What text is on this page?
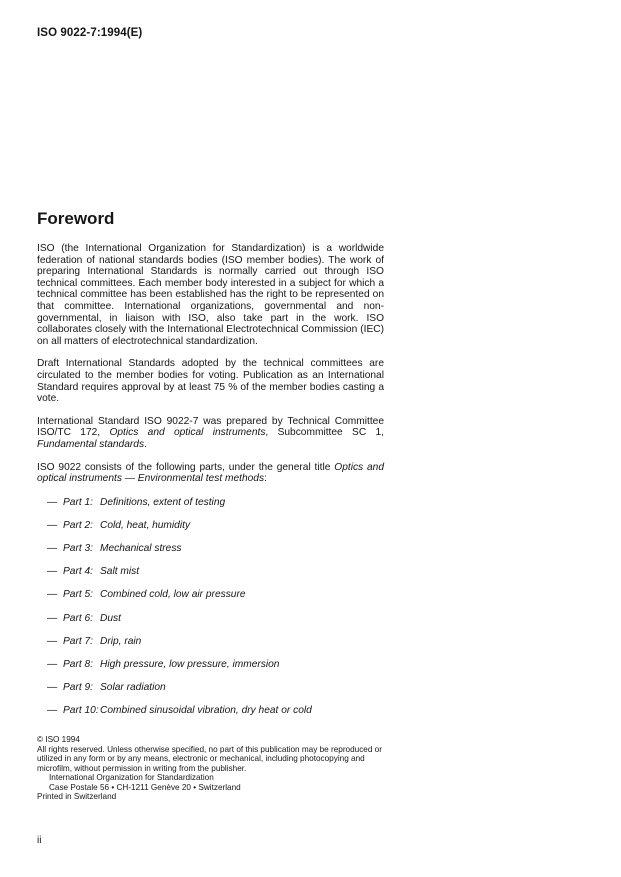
ISO 9022-7:1994(E)
Foreword

ISO (the International Organization for Standardization) is a worldwide federation of national standards bodies (ISO member bodies). The work of preparing International Standards is normally carried out through ISO technical committees. Each member body interested in a subject for which a technical committee has been established has the right to be represented on that committee. International organizations, governmental and non-governmental, in liaison with ISO, also take part in the work. ISO collaborates closely with the International Electrotechnical Commission (IEC) on all matters of electrotechnical standardization.

Draft International Standards adopted by the technical committees are circulated to the member bodies for voting. Publication as an International Standard requires approval by at least 75 % of the member bodies casting a vote.

International Standard ISO 9022-7 was prepared by Technical Committee ISO/TC 172, Optics and optical instruments, Subcommittee SC 1, Fundamental standards.

ISO 9022 consists of the following parts, under the general title Optics and optical instruments — Environmental test methods:

— Part 1: Definitions, extent of testing
— Part 2: Cold, heat, humidity
— Part 3: Mechanical stress
— Part 4: Salt mist
— Part 5: Combined cold, low air pressure
— Part 6: Dust
— Part 7: Drip, rain
— Part 8: High pressure, low pressure, immersion
— Part 9: Solar radiation
— Part 10: Combined sinusoidal vibration, dry heat or cold

© ISO 1994

All rights reserved. Unless otherwise specified, no part of this publication may be reproduced or utilized in any form or by any means, electronic or mechanical, including photocopying and microfilm, without permission in writing from the publisher.

International Organization for Standardization

Case Postale 56 • CH-1211 Genève 20 • Switzerland

Printed in Switzerland

ii
